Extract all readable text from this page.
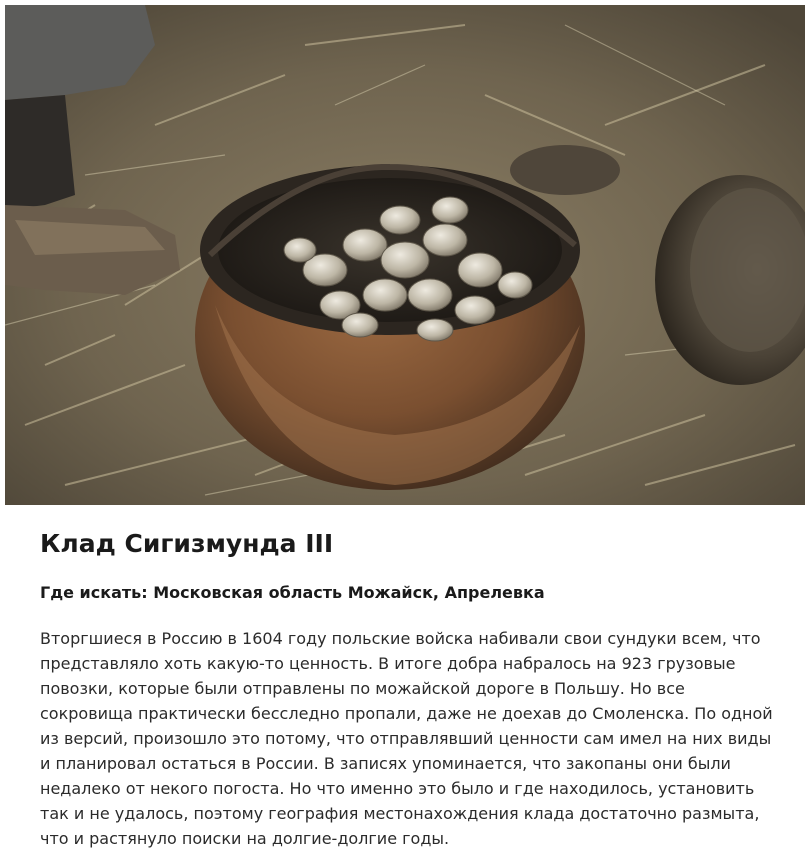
Клад Сигизмунда III

Где искать: Московская область Можайск, Апрелевка

Вторгшиеся в Россию в 1604 году польские войска набивали свои сундуки всем, что представляло хоть какую-то ценность. В итоге добра набралось на 923 грузовые повозки, которые были отправлены по можайской дороге в Польшу. Но все сокровища практически бесследно пропали, даже не доехав до Смоленска. По одной из версий, произошло это потому, что отправлявший ценности сам имел на них виды и планировал остаться в России. В записях упоминается, что закопаны они были недалеко от некого погоста. Но что именно это было и где находилось, установить так и не удалось, поэтому география местонахождения клада достаточно размыта, что и растянуло поиски на долгие-долгие годы.
